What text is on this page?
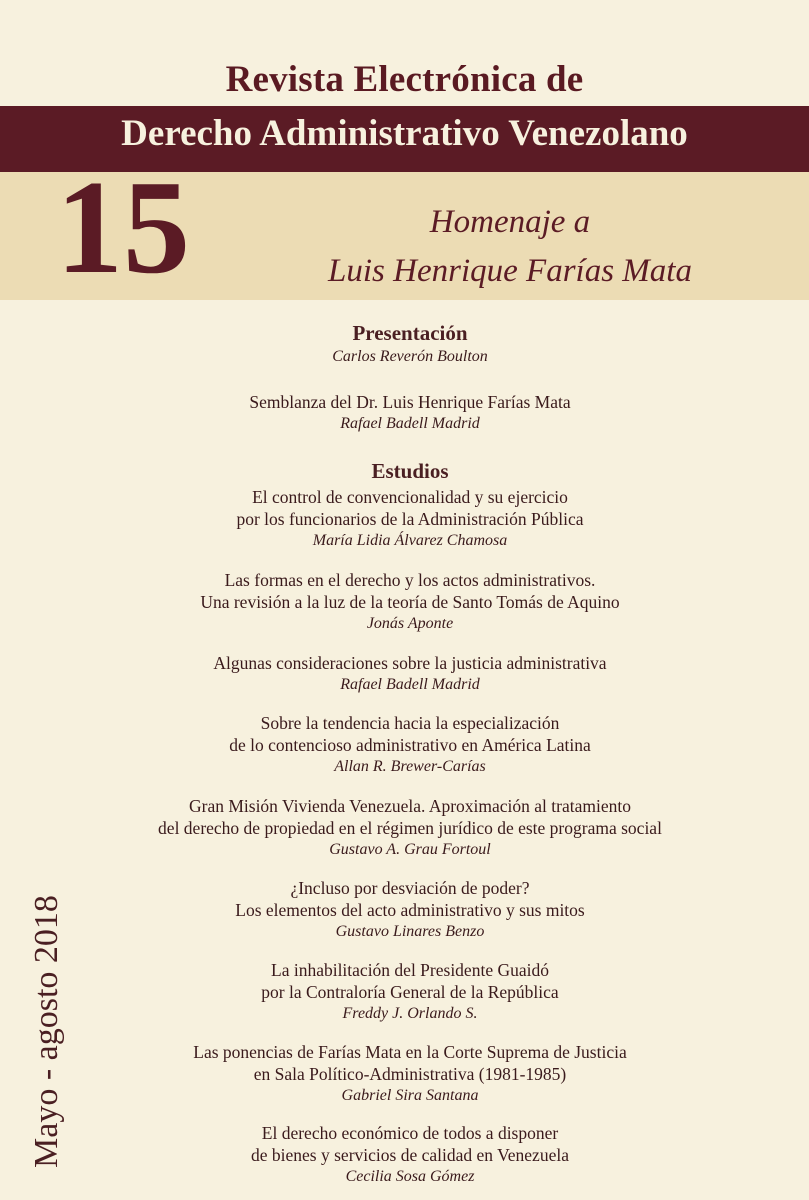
Revista Electrónica de
Derecho Administrativo Venezolano
15	Homenaje a
Luis Henrique Farías Mata
Mayo - agosto 2018
Presentación
Carlos Reverón Boulton
Semblanza del Dr. Luis Henrique Farías Mata
Rafael Badell Madrid
Estudios
El control de convencionalidad y su ejercicio
por los funcionarios de la Administración Pública
María Lidia Álvarez Chamosa
Las formas en el derecho y los actos administrativos.
Una revisión a la luz de la teoría de Santo Tomás de Aquino
Jonás Aponte
Algunas consideraciones sobre la justicia administrativa
Rafael Badell Madrid
Sobre la tendencia hacia la especialización
de lo contencioso administrativo en América Latina
Allan R. Brewer-Carías
Gran Misión Vivienda Venezuela. Aproximación al tratamiento
del derecho de propiedad en el régimen jurídico de este programa social
Gustavo A. Grau Fortoul
¿Incluso por desviación de poder?
Los elementos del acto administrativo y sus mitos
Gustavo Linares Benzo
La inhabilitación del Presidente Guaidó
por la Contraloría General de la República
Freddy J. Orlando S.
Las ponencias de Farías Mata en la Corte Suprema de Justicia
en Sala Político-Administrativa (1981-1985)
Gabriel Sira Santana
El derecho económico de todos a disponer
de bienes y servicios de calidad en Venezuela
Cecilia Sosa Gómez
